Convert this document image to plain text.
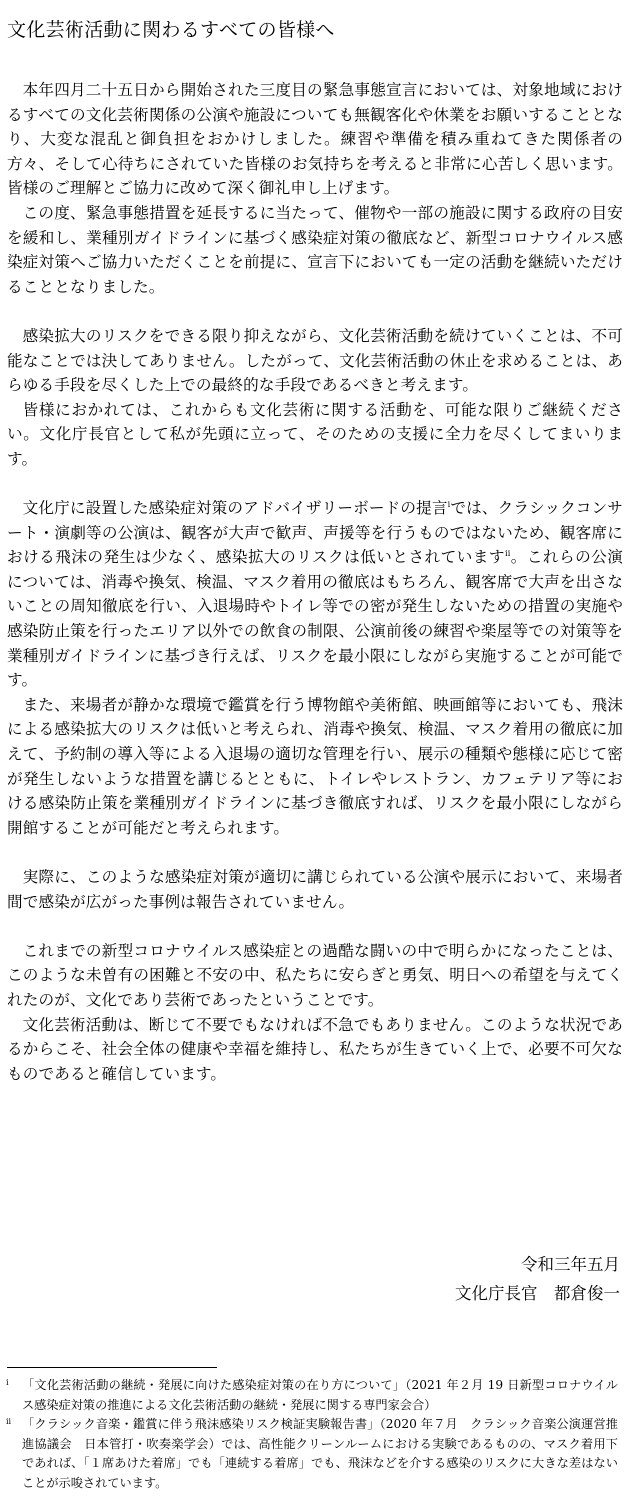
文化芸術活動に関わるすべての皆様へ

本年四月二十五日から開始された三度目の緊急事態宣言においては、対象地域におけるすべての文化芸術関係の公演や施設についても無観客化や休業をお願いすることとなり、大変な混乱と御負担をおかけしました。練習や準備を積み重ねてきた関係者の方々、そして心待ちにされていた皆様のお気持ちを考えると非常に心苦しく思います。皆様のご理解とご協力に改めて深く御礼申し上げます。

この度、緊急事態措置を延長するに当たって、催物や一部の施設に関する政府の目安を緩和し、業種別ガイドラインに基づく感染症対策の徹底など、新型コロナウイルス感染症対策へご協力いただくことを前提に、宣言下においても一定の活動を継続いただけることとなりました。

感染拡大のリスクをできる限り抑えながら、文化芸術活動を続けていくことは、不可能なことでは決してありません。したがって、文化芸術活動の休止を求めることは、あらゆる手段を尽くした上での最終的な手段であるべきと考えます。

皆様におかれては、これからも文化芸術に関する活動を、可能な限りご継続ください。文化庁長官として私が先頭に立って、そのための支援に全力を尽くしてまいります。

文化庁に設置した感染症対策のアドバイザリーボードの提言$^i$では、クラシックコンサート・演劇等の公演は、観客が大声で歓声、声援等を行うものではないため、観客席における飛沫の発生は少なく、感染拡大のリスクは低いとされています$^{ii}$。これらの公演については、消毒や換気、検温、マスク着用の徹底はもちろん、観客席で大声を出さないことの周知徹底を行い、入退場時やトイレ等での密が発生しないための措置の実施や感染防止策を行ったエリア以外での飲食の制限、公演前後の練習や楽屋等での対策等を業種別ガイドラインに基づき行えば、リスクを最小限にしながら実施することが可能です。

また、来場者が静かな環境で鑑賞を行う博物館や美術館、映画館等においても、飛沫による感染拡大のリスクは低いと考えられ、消毒や換気、検温、マスク着用の徹底に加えて、予約制の導入等による入退場の適切な管理を行い、展示の種類や態様に応じて密が発生しないような措置を講じるとともに、トイレやレストラン、カフェテリア等における感染防止策を業種別ガイドラインに基づき徹底すれば、リスクを最小限にしながら開館することが可能だと考えられます。

実際に、このような感染症対策が適切に講じられている公演や展示において、来場者間で感染が広がった事例は報告されていません。

これまでの新型コロナウイルス感染症との過酷な闘いの中で明らかになったことは、このような未曽有の困難と不安の中、私たちに安らぎと勇気、明日への希望を与えてくれたのが、文化であり芸術であったということです。

文化芸術活動は、断じて不要でもなければ不急でもありません。このような状況であるからこそ、社会全体の健康や幸福を維持し、私たちが生きていく上で、必要不可欠なものであると確信しています。

令和三年五月
文化庁長官　都倉俊一
i 「文化芸術活動の継続・発展に向けた感染症対策の在り方について」（2021 年２月 19 日新型コロナウイルス感染症対策の推進による文化芸術活動の継続・発展に関する専門家会合）
ii 「クラシック音楽・鑑賞に伴う飛沫感染リスク検証実験報告書」（2020 年７月　クラシック音楽公演運営推進協議会　日本管打・吹奏楽学会）では、高性能クリーンルームにおける実験であるものの、マスク着用下であれば、「１席あけた着席」でも「連続する着席」でも、飛沫などを介する感染のリスクに大きな差はないことが示唆されています。
